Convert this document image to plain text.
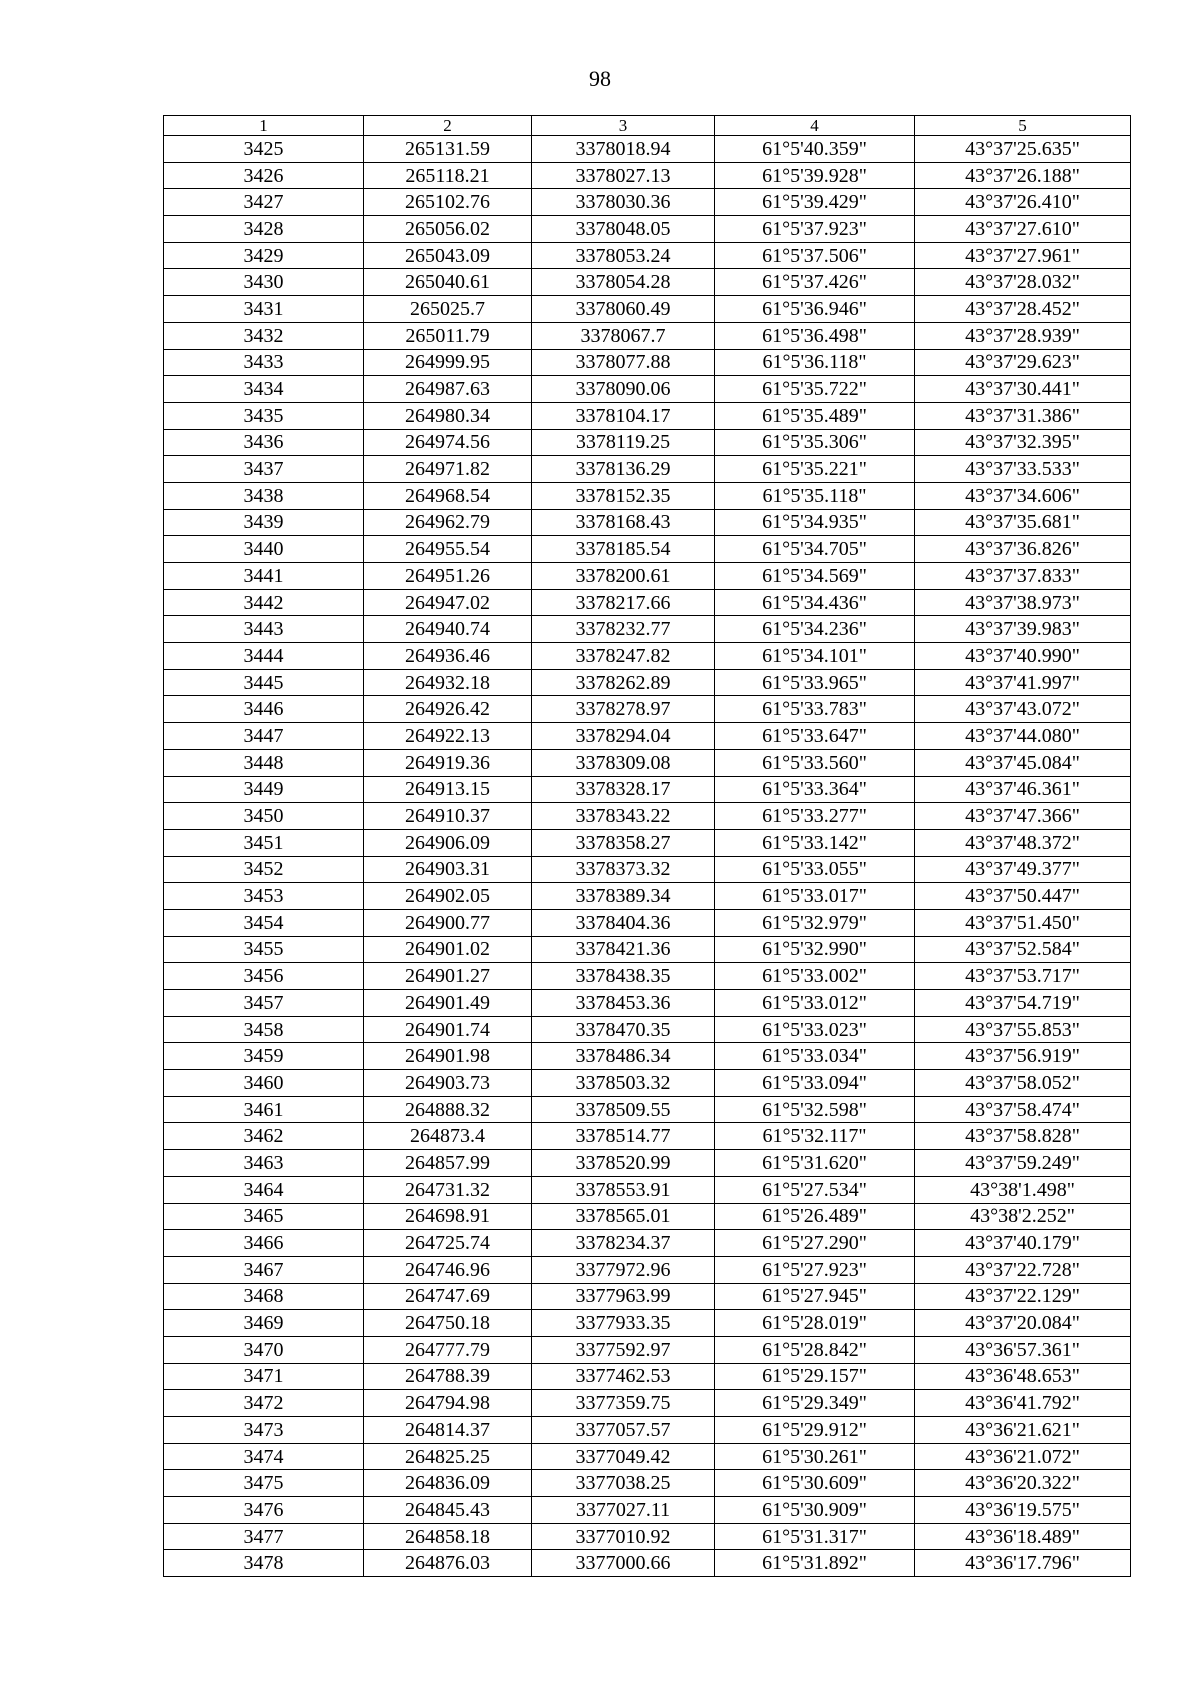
98
1	2	3	4	5
3425	265131.59	3378018.94	61°5'40.359"	43°37'25.635"
3426	265118.21	3378027.13	61°5'39.928"	43°37'26.188"
3427	265102.76	3378030.36	61°5'39.429"	43°37'26.410"
3428	265056.02	3378048.05	61°5'37.923"	43°37'27.610"
3429	265043.09	3378053.24	61°5'37.506"	43°37'27.961"
3430	265040.61	3378054.28	61°5'37.426"	43°37'28.032"
3431	265025.7	3378060.49	61°5'36.946"	43°37'28.452"
3432	265011.79	3378067.7	61°5'36.498"	43°37'28.939"
3433	264999.95	3378077.88	61°5'36.118"	43°37'29.623"
3434	264987.63	3378090.06	61°5'35.722"	43°37'30.441"
3435	264980.34	3378104.17	61°5'35.489"	43°37'31.386"
3436	264974.56	3378119.25	61°5'35.306"	43°37'32.395"
3437	264971.82	3378136.29	61°5'35.221"	43°37'33.533"
3438	264968.54	3378152.35	61°5'35.118"	43°37'34.606"
3439	264962.79	3378168.43	61°5'34.935"	43°37'35.681"
3440	264955.54	3378185.54	61°5'34.705"	43°37'36.826"
3441	264951.26	3378200.61	61°5'34.569"	43°37'37.833"
3442	264947.02	3378217.66	61°5'34.436"	43°37'38.973"
3443	264940.74	3378232.77	61°5'34.236"	43°37'39.983"
3444	264936.46	3378247.82	61°5'34.101"	43°37'40.990"
3445	264932.18	3378262.89	61°5'33.965"	43°37'41.997"
3446	264926.42	3378278.97	61°5'33.783"	43°37'43.072"
3447	264922.13	3378294.04	61°5'33.647"	43°37'44.080"
3448	264919.36	3378309.08	61°5'33.560"	43°37'45.084"
3449	264913.15	3378328.17	61°5'33.364"	43°37'46.361"
3450	264910.37	3378343.22	61°5'33.277"	43°37'47.366"
3451	264906.09	3378358.27	61°5'33.142"	43°37'48.372"
3452	264903.31	3378373.32	61°5'33.055"	43°37'49.377"
3453	264902.05	3378389.34	61°5'33.017"	43°37'50.447"
3454	264900.77	3378404.36	61°5'32.979"	43°37'51.450"
3455	264901.02	3378421.36	61°5'32.990"	43°37'52.584"
3456	264901.27	3378438.35	61°5'33.002"	43°37'53.717"
3457	264901.49	3378453.36	61°5'33.012"	43°37'54.719"
3458	264901.74	3378470.35	61°5'33.023"	43°37'55.853"
3459	264901.98	3378486.34	61°5'33.034"	43°37'56.919"
3460	264903.73	3378503.32	61°5'33.094"	43°37'58.052"
3461	264888.32	3378509.55	61°5'32.598"	43°37'58.474"
3462	264873.4	3378514.77	61°5'32.117"	43°37'58.828"
3463	264857.99	3378520.99	61°5'31.620"	43°37'59.249"
3464	264731.32	3378553.91	61°5'27.534"	43°38'1.498"
3465	264698.91	3378565.01	61°5'26.489"	43°38'2.252"
3466	264725.74	3378234.37	61°5'27.290"	43°37'40.179"
3467	264746.96	3377972.96	61°5'27.923"	43°37'22.728"
3468	264747.69	3377963.99	61°5'27.945"	43°37'22.129"
3469	264750.18	3377933.35	61°5'28.019"	43°37'20.084"
3470	264777.79	3377592.97	61°5'28.842"	43°36'57.361"
3471	264788.39	3377462.53	61°5'29.157"	43°36'48.653"
3472	264794.98	3377359.75	61°5'29.349"	43°36'41.792"
3473	264814.37	3377057.57	61°5'29.912"	43°36'21.621"
3474	264825.25	3377049.42	61°5'30.261"	43°36'21.072"
3475	264836.09	3377038.25	61°5'30.609"	43°36'20.322"
3476	264845.43	3377027.11	61°5'30.909"	43°36'19.575"
3477	264858.18	3377010.92	61°5'31.317"	43°36'18.489"
3478	264876.03	3377000.66	61°5'31.892"	43°36'17.796"
